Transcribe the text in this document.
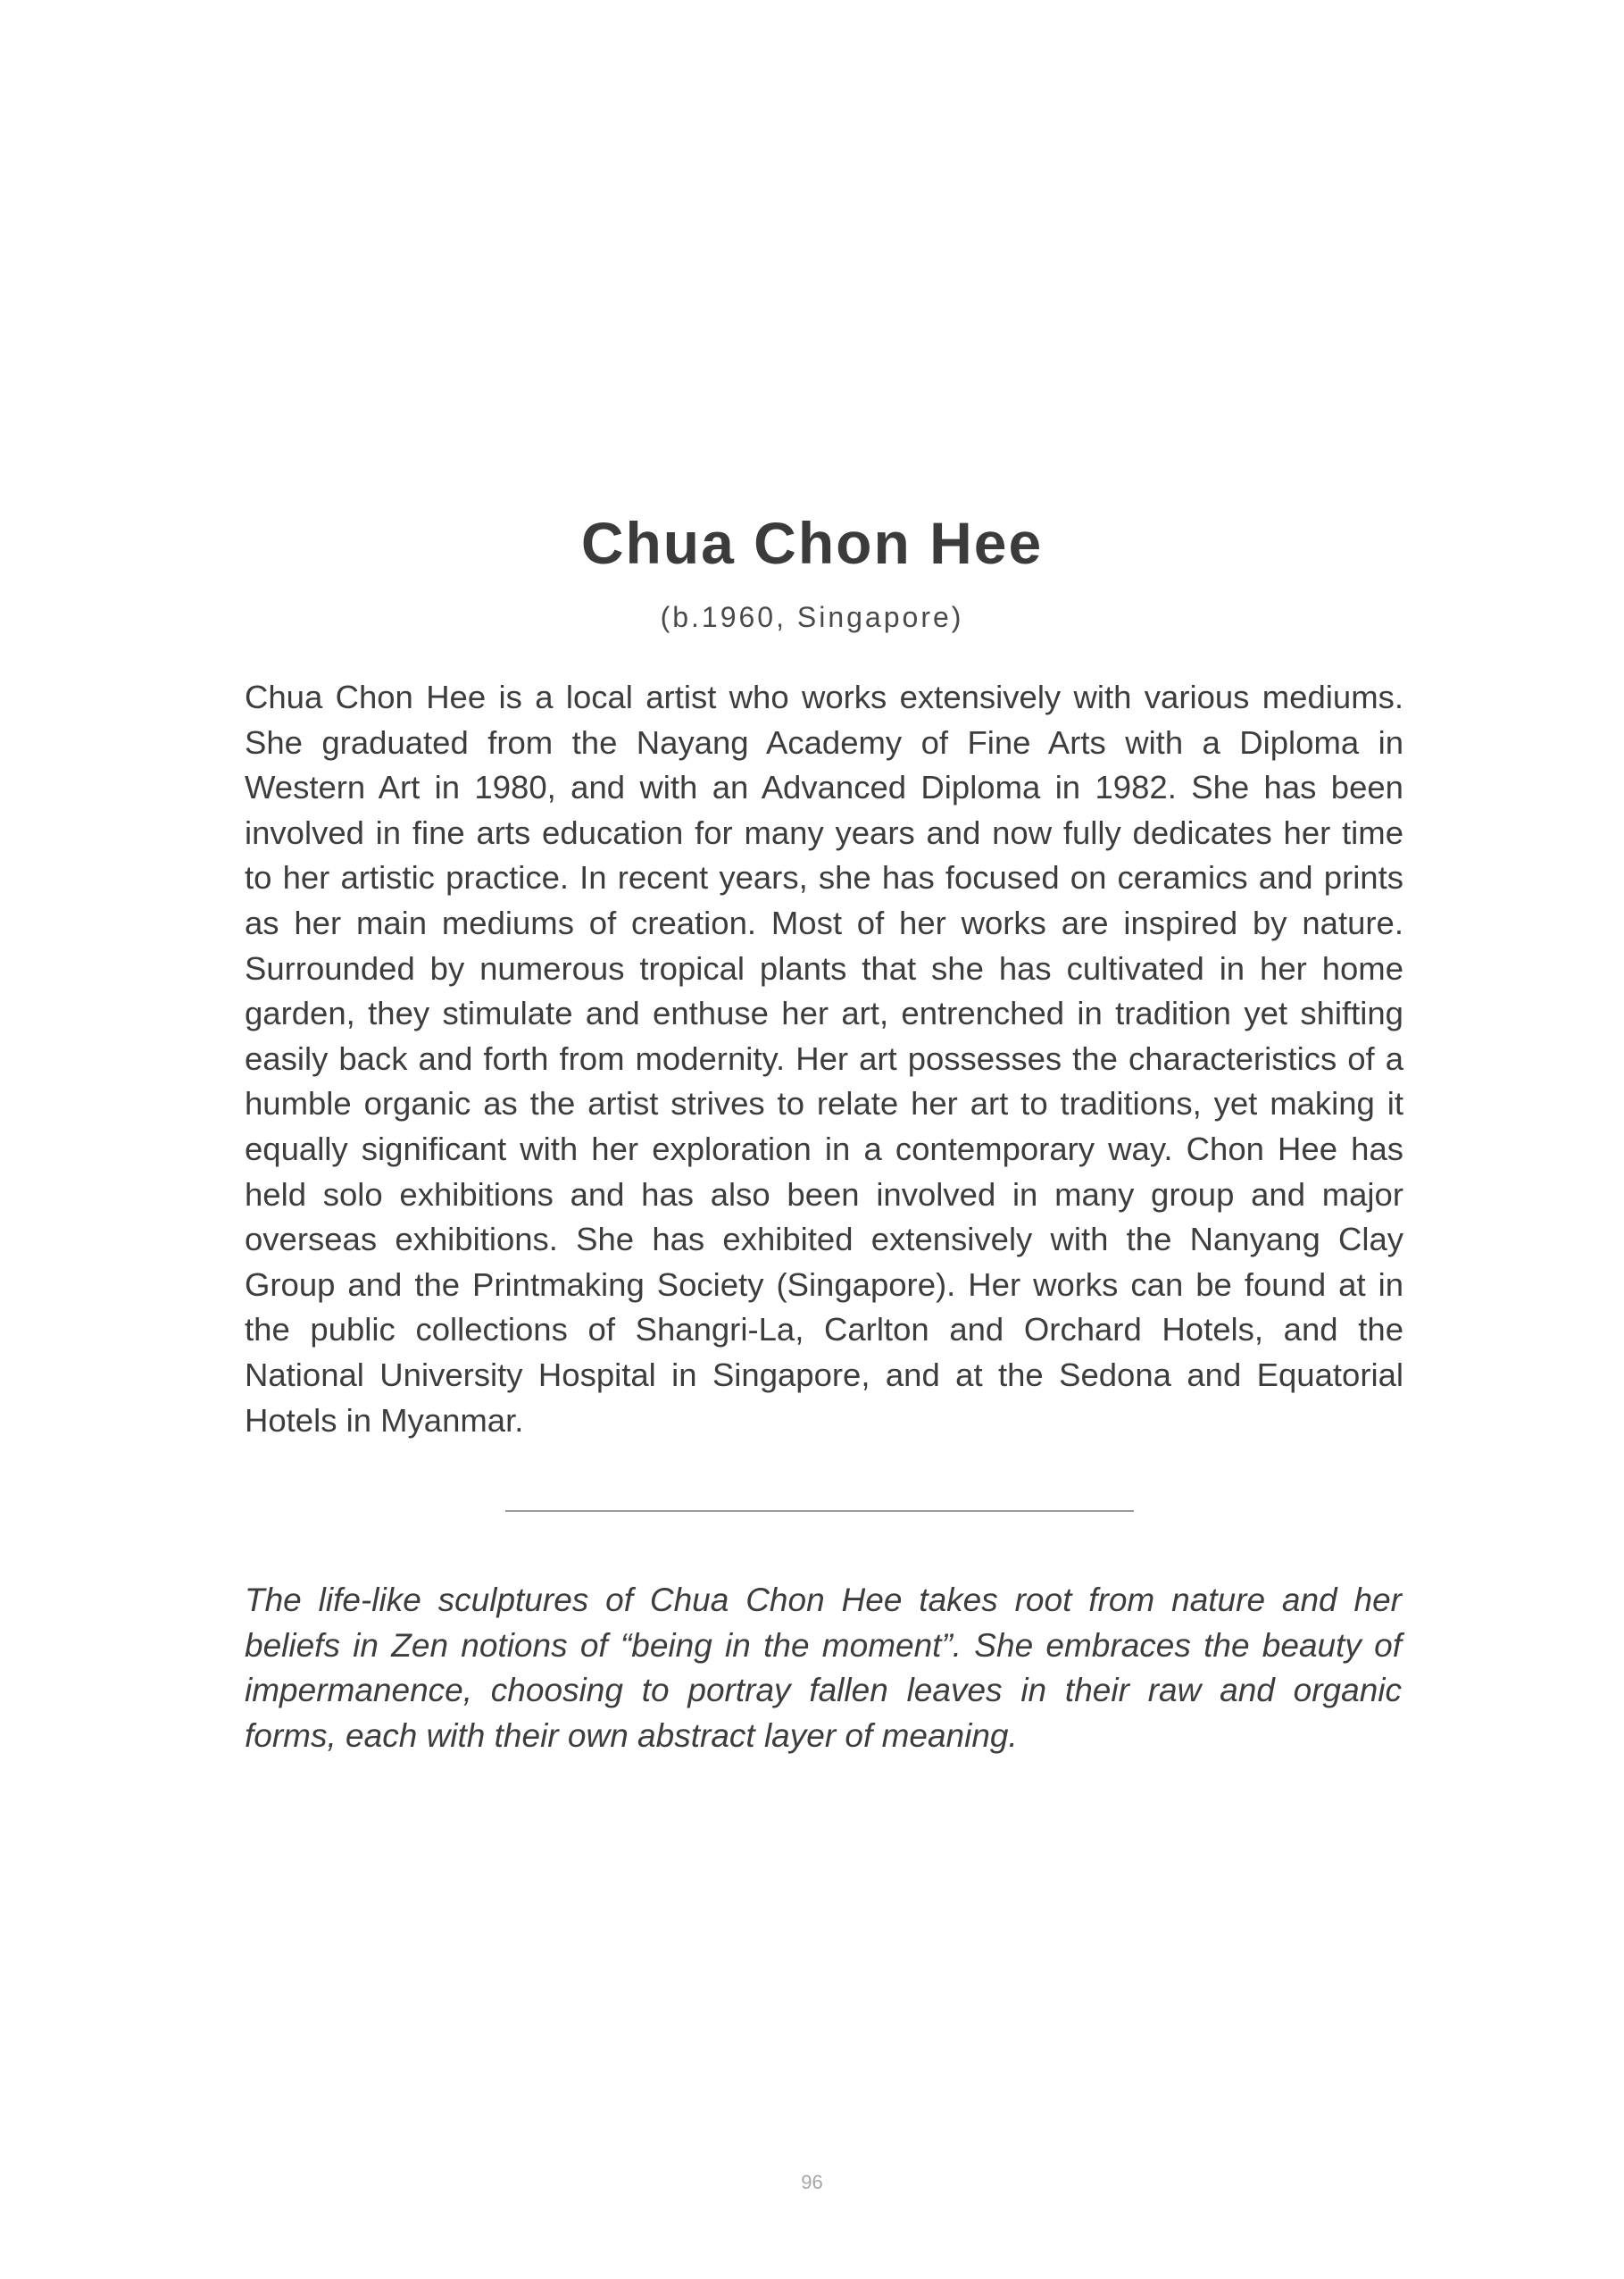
Chua Chon Hee
(b.1960, Singapore)

Chua Chon Hee is a local artist who works extensively with various mediums. She graduated from the Nayang Academy of Fine Arts with a Diploma in Western Art in 1980, and with an Advanced Diploma in 1982. She has been involved in fine arts education for many years and now fully dedicates her time to her artistic practice. In recent years, she has focused on ceramics and prints as her main mediums of creation. Most of her works are inspired by nature. Surrounded by numerous tropical plants that she has cultivated in her home garden, they stimulate and enthuse her art, entrenched in tradition yet shifting easily back and forth from modernity. Her art possesses the characteristics of a humble organic as the artist strives to relate her art to traditions, yet making it equally significant with her exploration in a contemporary way. Chon Hee has held solo exhibitions and has also been involved in many group and major overseas exhibitions. She has exhibited extensively with the Nanyang Clay Group and the Printmaking Society (Singapore). Her works can be found at in the public collections of Shangri-La, Carlton and Orchard Hotels, and the National University Hospital in Singapore, and at the Sedona and Equatorial Hotels in Myanmar.

The life-like sculptures of Chua Chon Hee takes root from nature and her beliefs in Zen notions of “being in the moment”. She embraces the beauty of impermanence, choosing to portray fallen leaves in their raw and organic forms, each with their own abstract layer of meaning.

96
